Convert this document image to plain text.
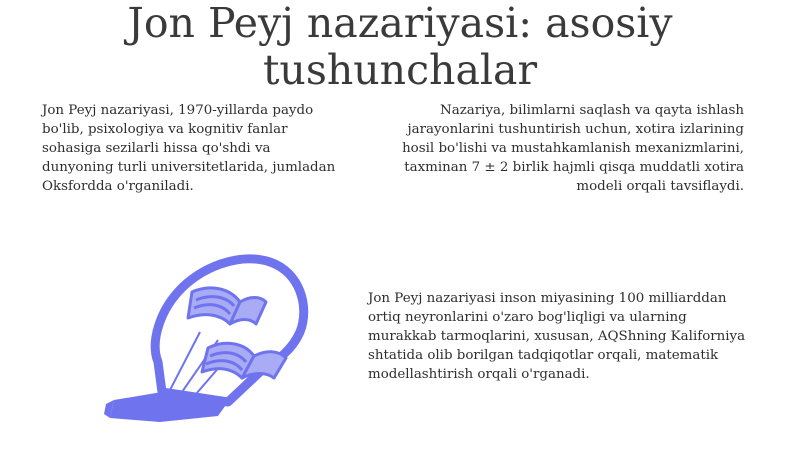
Jon Peyj nazariyasi: asosiy tushunchalar

Jon Peyj nazariyasi, 1970-yillarda paydo bo'lib, psixologiya va kognitiv fanlar sohasiga sezilarli hissa qo'shdi va dunyoning turli universitetlarida, jumladan Oksfordda o'rganiladi.

Nazariya, bilimlarni saqlash va qayta ishlash jarayonlarini tushuntirish uchun, xotira izlarining hosil bo'lishi va mustahkamlanish mexanizmlarini, taxminan 7 ± 2 birlik hajmli qisqa muddatli xotira modeli orqali tavsiflaydi.

Jon Peyj nazariyasi inson miyasining 100 milliarddan ortiq neyronlarini o'zaro bog'liqligi va ularning murakkab tarmoqlarini, xususan, AQShning Kaliforniya shtatida olib borilgan tadqiqotlar orqali, matematik modellashtirish orqali o'rganadi.
